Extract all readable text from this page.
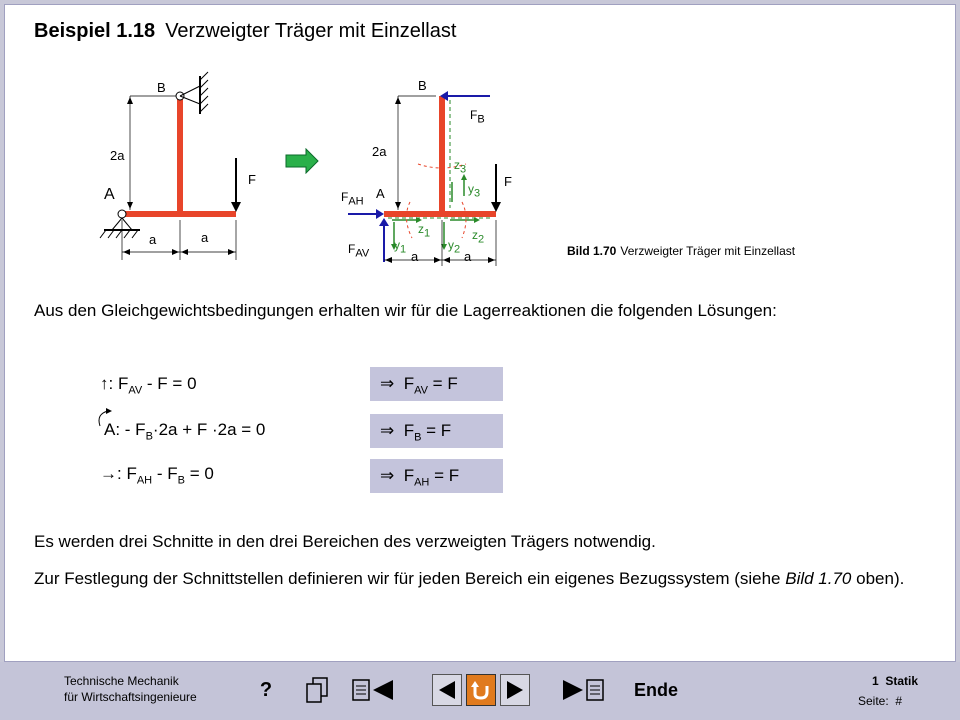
Beispiel 1.18 Verzweigter Träger mit Einzellast
B
2a
F
A
a	a
B
$F_B$
2a
F
A
$F_{AH}$
$F_{AV}$	a	a
$z_1$	$z_2$
$z_3$
$y_1$	$y_2$
$y_3$
Bild 1.70 Verzweigter Träger mit Einzellast
Aus den Gleichgewichtsbedingungen erhalten wir für die Lagerreaktionen die folgenden Lösungen:
↑: $F_{AV} - F = 0$
A: - $F_B\cdot 2a + F \cdot 2a = 0$
→: $F_{AH} - F_B = 0$
⇒ $F_{AV} = F$
⇒ $F_B = F$
⇒ $F_{AH} = F$
Es werden drei Schnitte in den drei Bereichen des verzweigten Trägers notwendig.
Zur Festlegung der Schnittstellen definieren wir für jeden Bereich ein eigenes Bezugssystem (siehe Bild 1.70 oben).
Technische Mechanik
für Wirtschaftsingenieure
1 Statik
Seite: #
?	Ende
